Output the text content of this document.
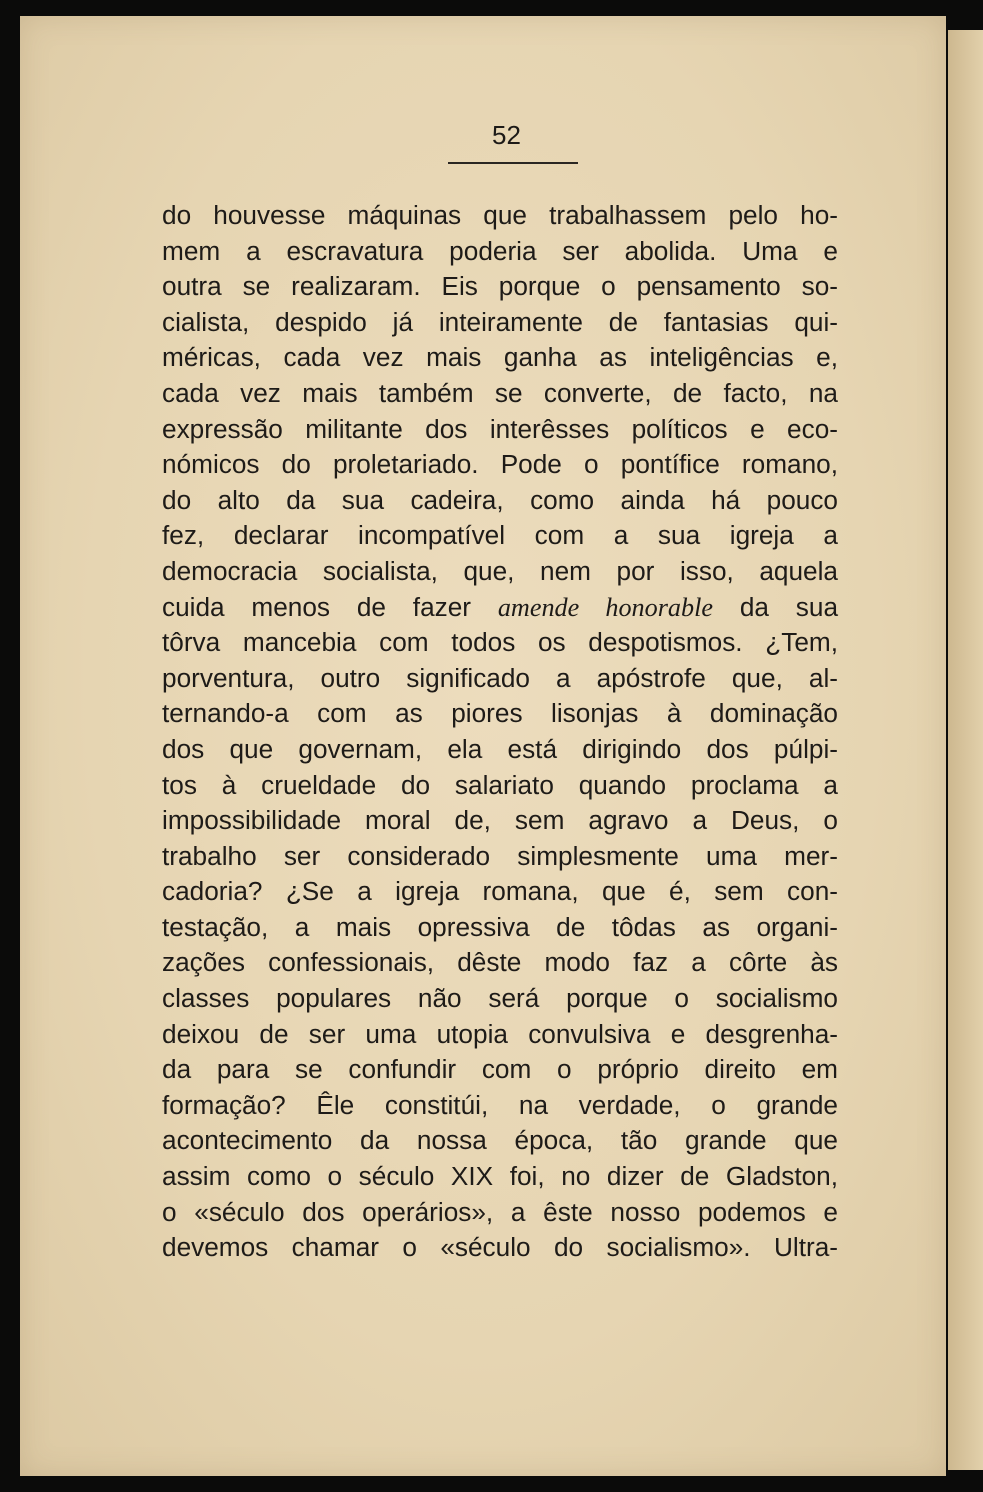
52
do houvesse máquinas que trabalhassem pelo ho-
mem a escravatura poderia ser abolida. Uma e
outra se realizaram. Eis porque o pensamento so-
cialista, despido já inteiramente de fantasias qui-
méricas, cada vez mais ganha as inteligências e,
cada vez mais também se converte, de facto, na
expressão militante dos interêsses políticos e eco-
nómicos do proletariado. Pode o pontífice romano,
do alto da sua cadeira, como ainda há pouco
fez, declarar incompatível com a sua igreja a
democracia socialista, que, nem por isso, aquela
cuida menos de fazer amende honorable da sua
tôrva mancebia com todos os despotismos. ¿Tem,
porventura, outro significado a apóstrofe que, al-
ternando-a com as piores lisonjas à dominação
dos que governam, ela está dirigindo dos púlpi-
tos à crueldade do salariato quando proclama a
impossibilidade moral de, sem agravo a Deus, o
trabalho ser considerado simplesmente uma mer-
cadoria? ¿Se a igreja romana, que é, sem con-
testação, a mais opressiva de tôdas as organi-
zações confessionais, dêste modo faz a côrte às
classes populares não será porque o socialismo
deixou de ser uma utopia convulsiva e desgrenha-
da para se confundir com o próprio direito em
formação? Êle constitúi, na verdade, o grande
acontecimento da nossa época, tão grande que
assim como o século XIX foi, no dizer de Gladston,
o «século dos operários», a êste nosso podemos e
devemos chamar o «século do socialismo». Ultra-
